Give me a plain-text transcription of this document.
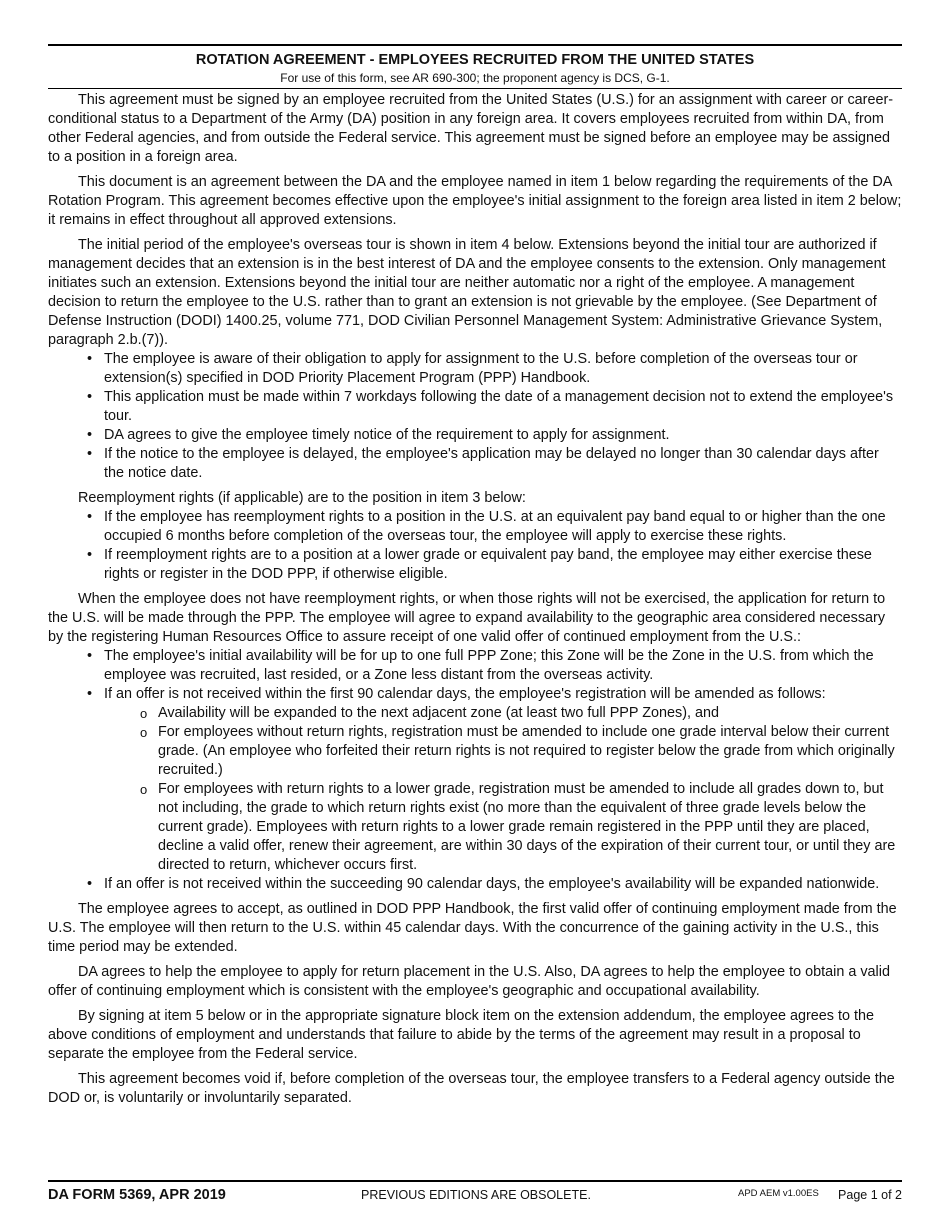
ROTATION AGREEMENT - EMPLOYEES RECRUITED FROM THE UNITED STATES
For use of this form, see AR 690-300; the proponent agency is DCS, G-1.

This agreement must be signed by an employee recruited from the United States (U.S.) for an assignment with career or career-conditional status to a Department of the Army (DA) position in any foreign area. It covers employees recruited from within DA, from other Federal agencies, and from outside the Federal service. This agreement must be signed before an employee may be assigned to a position in a foreign area.

This document is an agreement between the DA and the employee named in item 1 below regarding the requirements of the DA Rotation Program. This agreement becomes effective upon the employee's initial assignment to the foreign area listed in item 2 below; it remains in effect throughout all approved extensions.

The initial period of the employee's overseas tour is shown in item 4 below. Extensions beyond the initial tour are authorized if management decides that an extension is in the best interest of DA and the employee consents to the extension. Only management initiates such an extension. Extensions beyond the initial tour are neither automatic nor a right of the employee. A management decision to return the employee to the U.S. rather than to grant an extension is not grievable by the employee. (See Department of Defense Instruction (DODI) 1400.25, volume 771, DOD Civilian Personnel Management System: Administrative Grievance System, paragraph 2.b.(7)).

• The employee is aware of their obligation to apply for assignment to the U.S. before completion of the overseas tour or extension(s) specified in DOD Priority Placement Program (PPP) Handbook.
• This application must be made within 7 workdays following the date of a management decision not to extend the employee's tour.
• DA agrees to give the employee timely notice of the requirement to apply for assignment.
• If the notice to the employee is delayed, the employee's application may be delayed no longer than 30 calendar days after the notice date.

Reemployment rights (if applicable) are to the position in item 3 below:

• If the employee has reemployment rights to a position in the U.S. at an equivalent pay band equal to or higher than the one occupied 6 months before completion of the overseas tour, the employee will apply to exercise these rights.
• If reemployment rights are to a position at a lower grade or equivalent pay band, the employee may either exercise these rights or register in the DOD PPP, if otherwise eligible.

When the employee does not have reemployment rights, or when those rights will not be exercised, the application for return to the U.S. will be made through the PPP. The employee will agree to expand availability to the geographic area considered necessary by the registering Human Resources Office to assure receipt of one valid offer of continued employment from the U.S.:

• The employee's initial availability will be for up to one full PPP Zone; this Zone will be the Zone in the U.S. from which the employee was recruited, last resided, or a Zone less distant from the overseas activity.
• If an offer is not received within the first 90 calendar days, the employee's registration will be amended as follows:
o Availability will be expanded to the next adjacent zone (at least two full PPP Zones), and
o For employees without return rights, registration must be amended to include one grade interval below their current grade. (An employee who forfeited their return rights is not required to register below the grade from which originally recruited.)
o For employees with return rights to a lower grade, registration must be amended to include all grades down to, but not including, the grade to which return rights exist (no more than the equivalent of three grade levels below the current grade). Employees with return rights to a lower grade remain registered in the PPP until they are placed, decline a valid offer, renew their agreement, are within 30 days of the expiration of their current tour, or until they are directed to return, whichever occurs first.
• If an offer is not received within the succeeding 90 calendar days, the employee's availability will be expanded nationwide.

The employee agrees to accept, as outlined in DOD PPP Handbook, the first valid offer of continuing employment made from the U.S. The employee will then return to the U.S. within 45 calendar days. With the concurrence of the gaining activity in the U.S., this time period may be extended.

DA agrees to help the employee to apply for return placement in the U.S. Also, DA agrees to help the employee to obtain a valid offer of continuing employment which is consistent with the employee's geographic and occupational availability.

By signing at item 5 below or in the appropriate signature block item on the extension addendum, the employee agrees to the above conditions of employment and understands that failure to abide by the terms of the agreement may result in a proposal to separate the employee from the Federal service.

This agreement becomes void if, before completion of the overseas tour, the employee transfers to a Federal agency outside the DOD or, is voluntarily or involuntarily separated.

DA FORM 5369, APR 2019	PREVIOUS EDITIONS ARE OBSOLETE.	APD AEM v1.00ES Page 1 of 2
